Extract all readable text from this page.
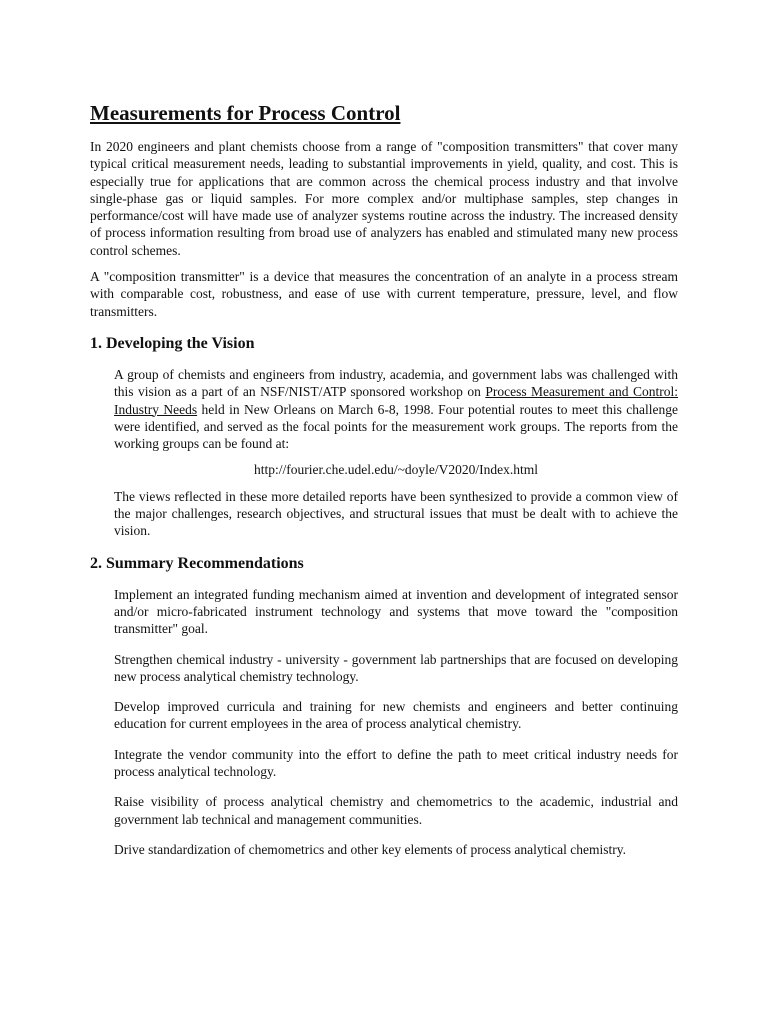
Measurements for Process Control

In 2020 engineers and plant chemists choose from a range of "composition transmitters" that cover many typical critical measurement needs, leading to substantial improvements in yield, quality, and cost. This is especially true for applications that are common across the chemical process industry and that involve single-phase gas or liquid samples. For more complex and/or multiphase samples, step changes in performance/cost will have made use of analyzer systems routine across the industry. The increased density of process information resulting from broad use of analyzers has enabled and stimulated many new process control schemes.

A "composition transmitter" is a device that measures the concentration of an analyte in a process stream with comparable cost, robustness, and ease of use with current temperature, pressure, level, and flow transmitters.

1. Developing the Vision

A group of chemists and engineers from industry, academia, and government labs was challenged with this vision as a part of an NSF/NIST/ATP sponsored workshop on Process Measurement and Control: Industry Needs held in New Orleans on March 6-8, 1998. Four potential routes to meet this challenge were identified, and served as the focal points for the measurement work groups. The reports from the working groups can be found at:

http://fourier.che.udel.edu/~doyle/V2020/Index.html

The views reflected in these more detailed reports have been synthesized to provide a common view of the major challenges, research objectives, and structural issues that must be dealt with to achieve the vision.

2. Summary Recommendations

Implement an integrated funding mechanism aimed at invention and development of integrated sensor and/or micro-fabricated instrument technology and systems that move toward the "composition transmitter" goal.

Strengthen chemical industry - university - government lab partnerships that are focused on developing new process analytical chemistry technology.

Develop improved curricula and training for new chemists and engineers and better continuing education for current employees in the area of process analytical chemistry.

Integrate the vendor community into the effort to define the path to meet critical industry needs for process analytical technology.

Raise visibility of process analytical chemistry and chemometrics to the academic, industrial and government lab technical and management communities.

Drive standardization of chemometrics and other key elements of process analytical chemistry.
